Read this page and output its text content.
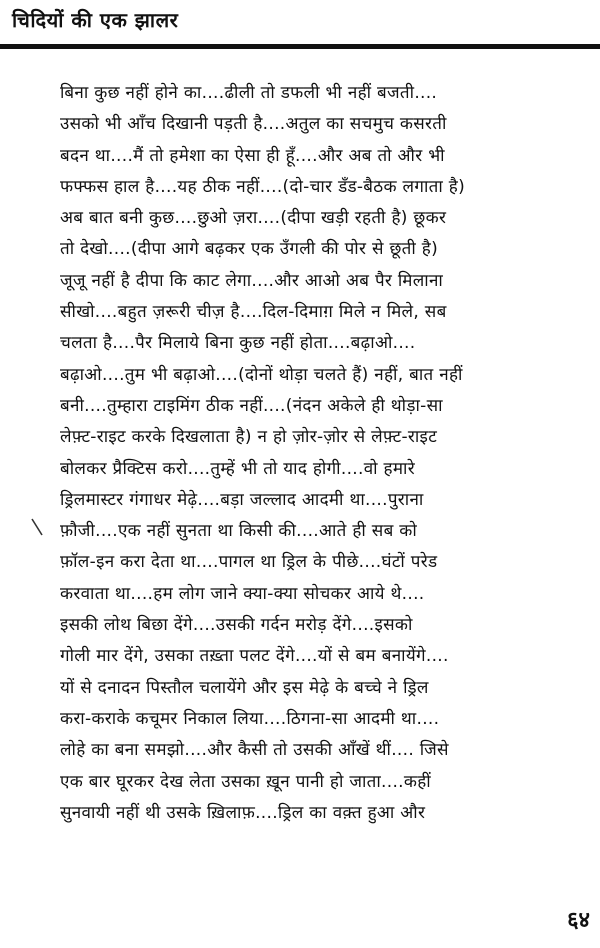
चिदियों की एक झालर
बिना कुछ नहीं होने का....ढीली तो डफली भी नहीं बजती....
उसको भी आँच दिखानी पड़ती है....अतुल का सचमुच कसरती
बदन था....मैं तो हमेशा का ऐसा ही हूँ....और अब तो और भी
फफ्फस हाल है....यह ठीक नहीं....(दो-चार डँड-बैठक लगाता है)
अब बात बनी कुछ....छुओ ज़रा....(दीपा खड़ी रहती है) छूकर
तो देखो....(दीपा आगे बढ़कर एक उँगली की पोर से छूती है)
जूजू नहीं है दीपा कि काट लेगा....और आओ अब पैर मिलाना
सीखो....बहुत ज़रूरी चीज़ है....दिल-दिमाग़ मिले न मिले, सब
चलता है....पैर मिलाये बिना कुछ नहीं होता....बढ़ाओ....
बढ़ाओ....तुम भी बढ़ाओ....(दोनों थोड़ा चलते हैं) नहीं, बात नहीं
बनी....तुम्हारा टाइमिंग ठीक नहीं....(नंदन अकेले ही थोड़ा-सा
लेफ़्ट-राइट करके दिखलाता है) न हो ज़ोर-ज़ोर से लेफ़्ट-राइट
बोलकर प्रैक्टिस करो....तुम्हें भी तो याद होगी....वो हमारे
ड्रिलमास्टर गंगाधर मेढ़े....बड़ा जल्लाद आदमी था....पुराना
फ़ौजी....एक नहीं सुनता था किसी की....आते ही सब को
फ़ॉल-इन करा देता था....पागल था ड्रिल के पीछे....घंटों परेड
करवाता था....हम लोग जाने क्या-क्या सोचकर आये थे....
इसकी लोथ बिछा देंगे....उसकी गर्दन मरोड़ देंगे....इसको
गोली मार देंगे, उसका तख़्ता पलट देंगे....यों से बम बनायेंगे....
यों से दनादन पिस्तौल चलायेंगे और इस मेढ़े के बच्चे ने ड्रिल
करा-कराके कचूमर निकाल लिया....ठिगना-सा आदमी था....
लोहे का बना समझो....और कैसी तो उसकी आँखें थीं.... जिसे
एक बार घूरकर देख लेता उसका ख़ून पानी हो जाता....कहीं
सुनवायी नहीं थी उसके ख़िलाफ़....ड्रिल का वक़्त हुआ और
६४
